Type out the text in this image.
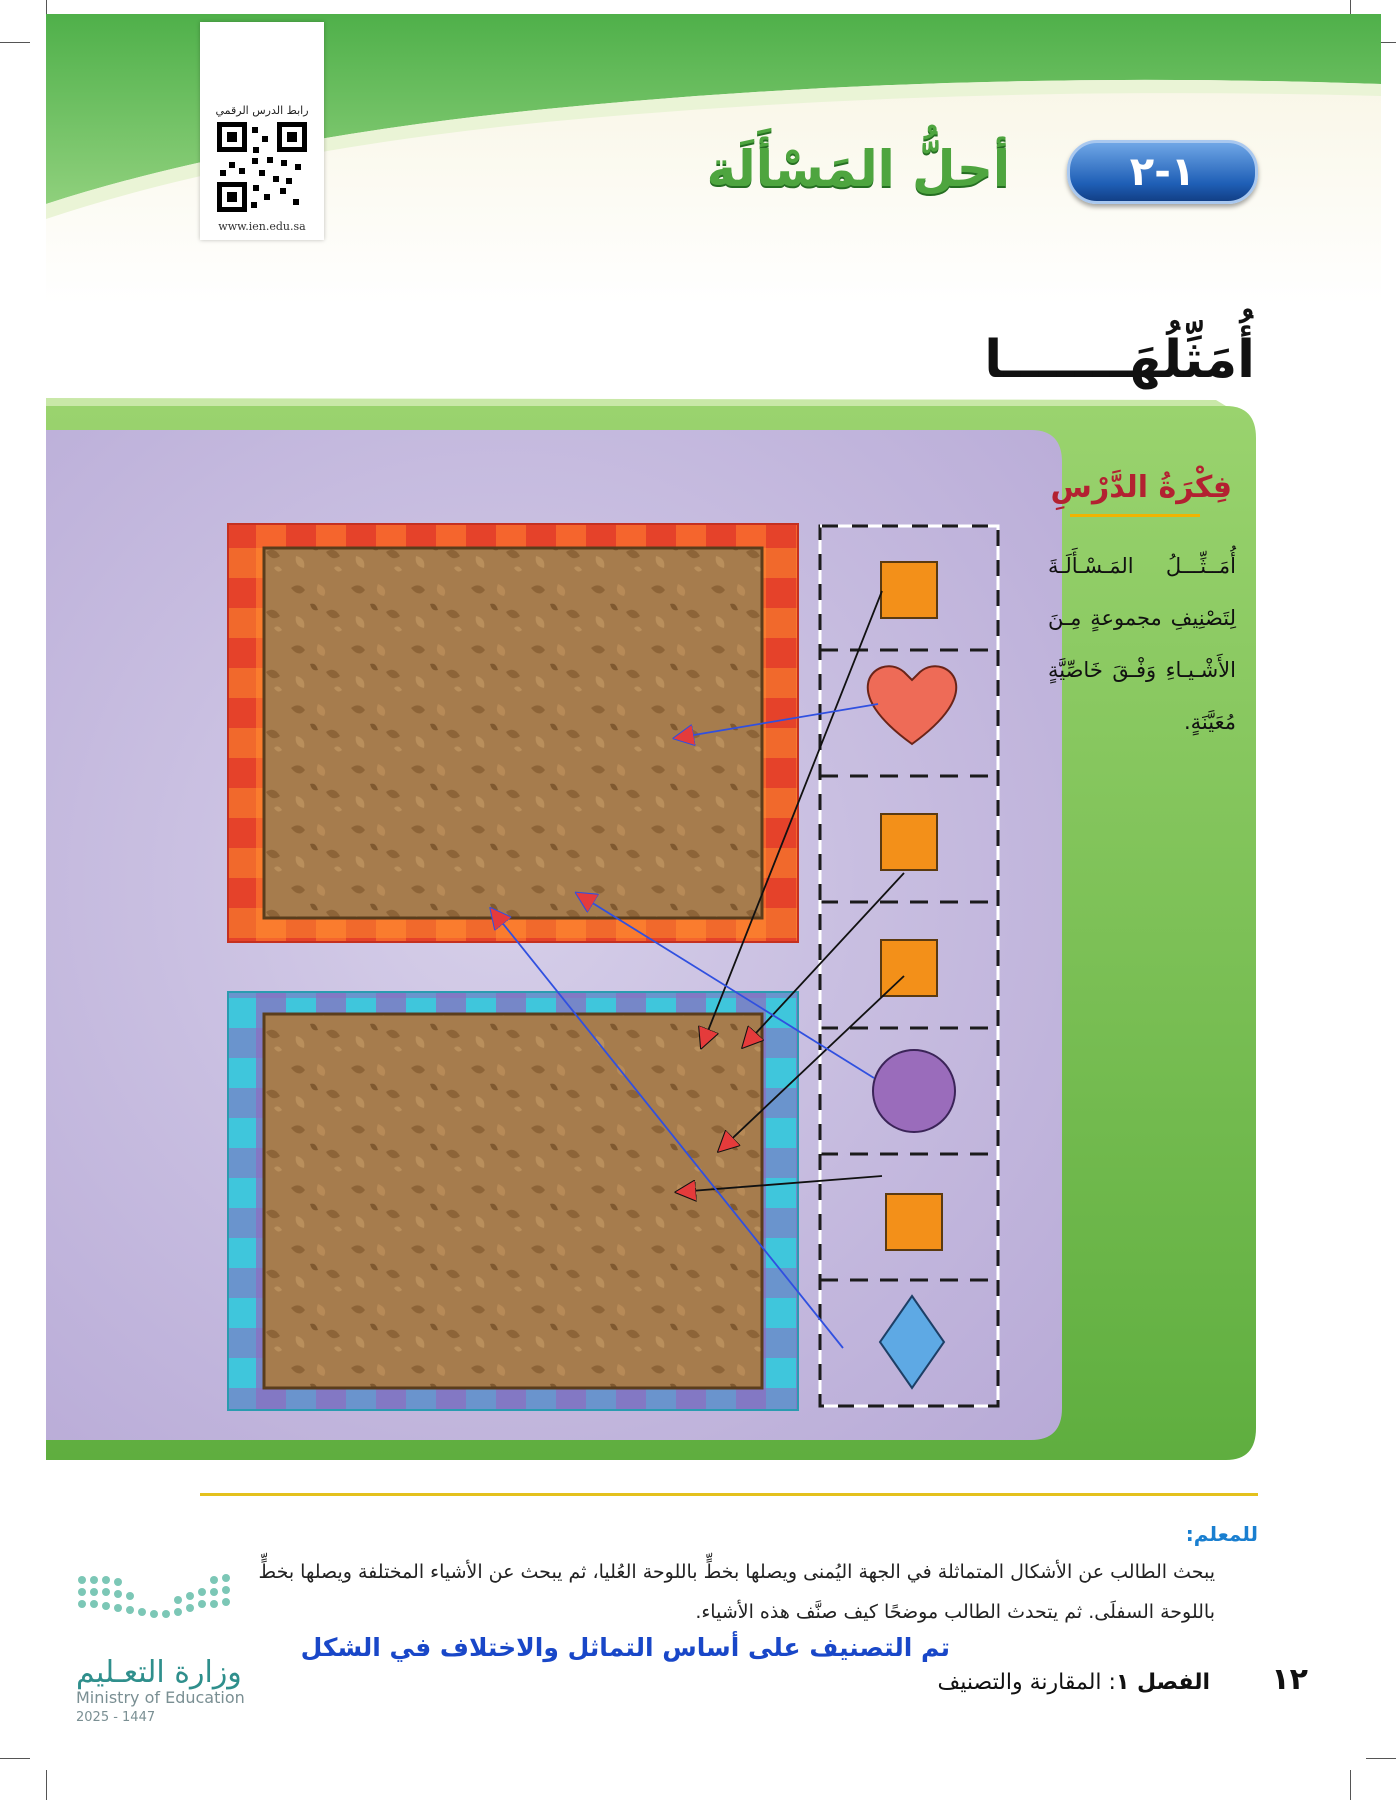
رابط الدرس الرقمي
www.ien.edu.sa
١-٢
أحلُّ المَسْأَلَة
أُمَثِّلُهَـــــــا
فِكْرَةُ الدَّرْسِ
أُمَــثِّـــلُ المَـسْـأَلَـةَ لِتَصْنِيفِ مجموعةٍ مِـنَ الأَشْـيـاءِ وَفْـقَ خَاصِّيَّةٍ مُعَيَّنَةٍ.
للمعلم:
يبحث الطالب عن الأشكال المتماثلة في الجهة اليُمنى ويصلها بخطٍّ باللوحة العُليا، ثم يبحث عن الأشياء المختلفة ويصلها بخطٍّ باللوحة السفلَى. ثم يتحدث الطالب موضحًا كيف صنَّف هذه الأشياء.
تم التصنيف على أساس التماثل والاختلاف في الشكل
الفصل ١: المقارنة والتصنيف	١٢
وزارة التعـليم
Ministry of Education
2025 - 1447
